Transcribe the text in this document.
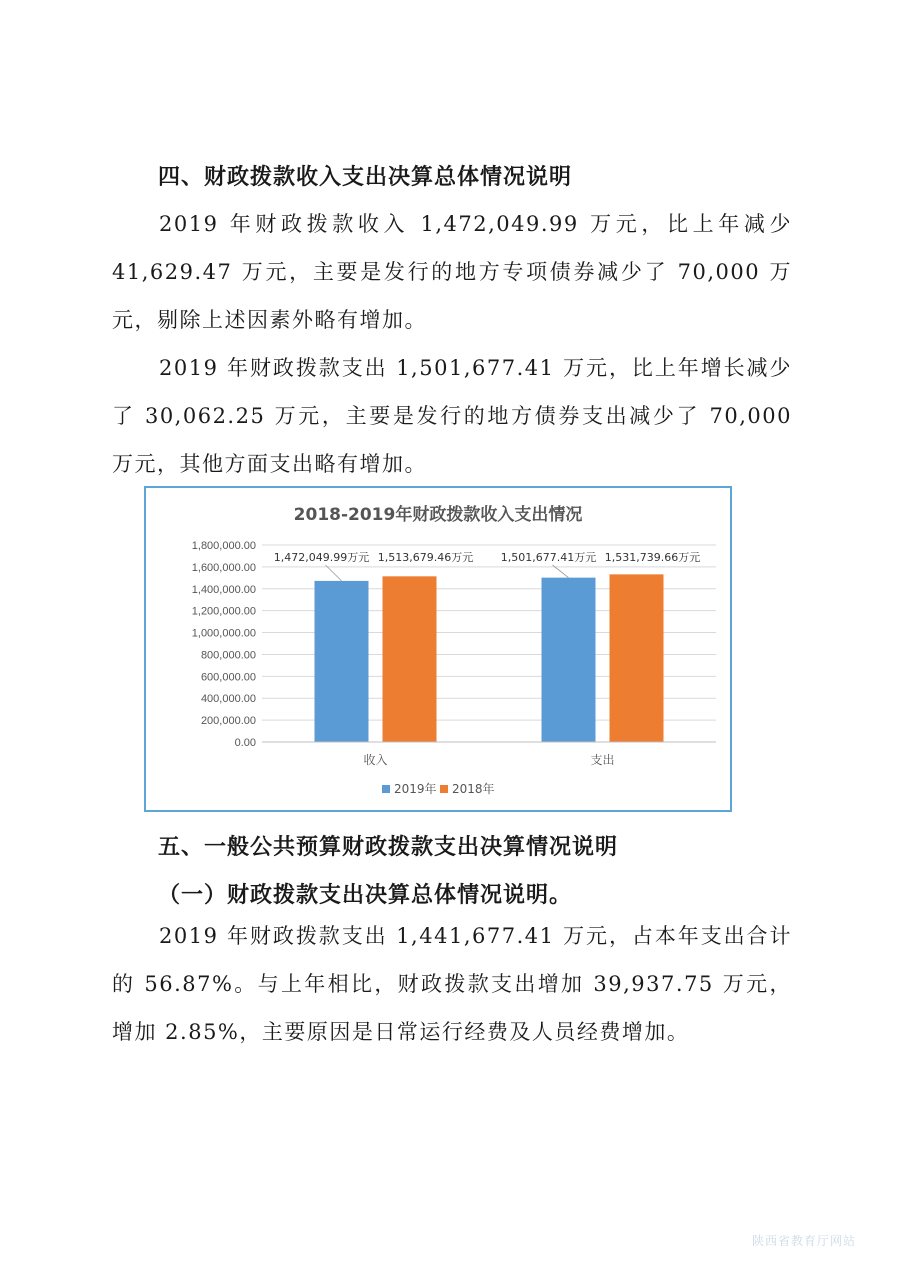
四、财政拨款收入支出决算总体情况说明
2019 年财政拨款收入 1,472,049.99 万元，比上年减少 41,629.47 万元，主要是发行的地方专项债券减少了 70,000 万元，剔除上述因素外略有增加。
2019 年财政拨款支出 1,501,677.41 万元，比上年增长减少了 30,062.25 万元，主要是发行的地方债券支出减少了 70,000 万元，其他方面支出略有增加。
2018-2019年财政拨款收入支出情况
0.00
200,000.00
400,000.00
600,000.00
800,000.00
1,000,000.00
1,200,000.00
1,400,000.00
1,600,000.00
1,800,000.00
1,472,049.99万元 1,513,679.46万元
收入
1,501,677.41万元 1,531,739.66万元
支出
2019年 2018年
五、一般公共预算财政拨款支出决算情况说明
（一）财政拨款支出决算总体情况说明。
2019 年财政拨款支出 1,441,677.41 万元，占本年支出合计的 56.87%。与上年相比，财政拨款支出增加 39,937.75 万元，增加 2.85%，主要原因是日常运行经费及人员经费增加。
陕西省教育厅网站
